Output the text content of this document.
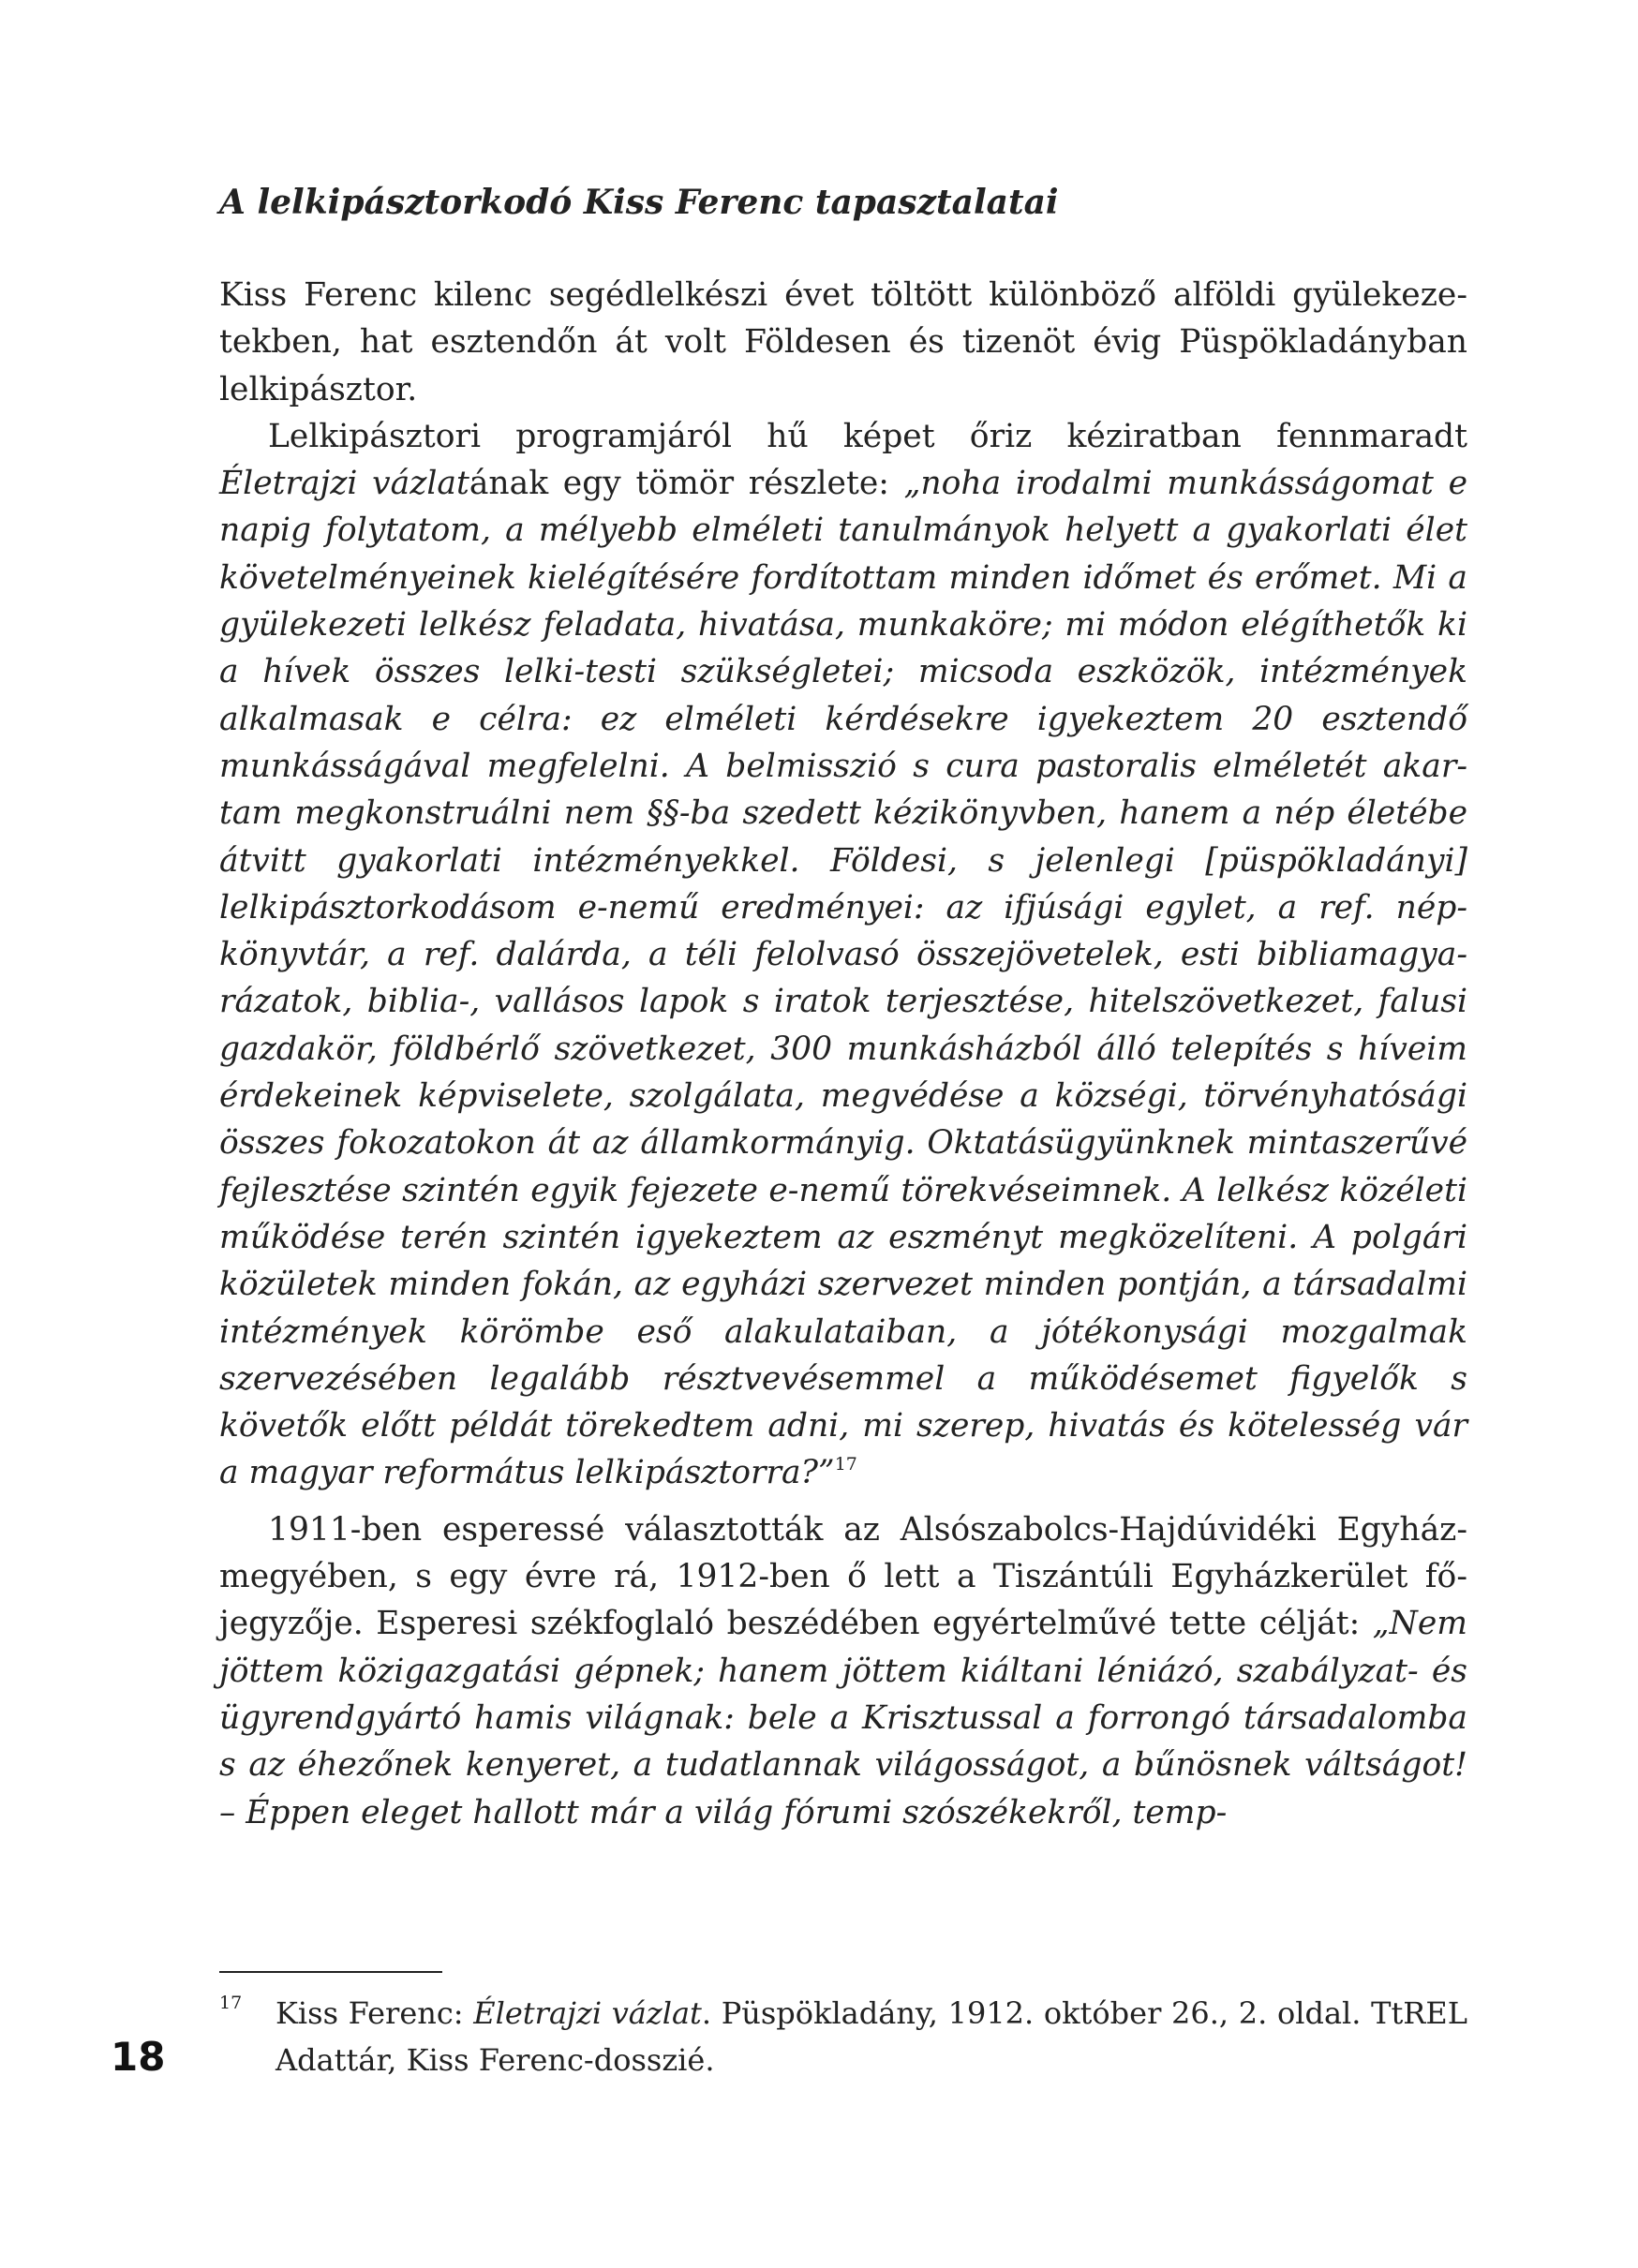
A lelkipásztorkodó Kiss Ferenc tapasztalatai

Kiss Ferenc kilenc segédlelkészi évet töltött különböző alföldi gyülekezetekben, hat esztendőn át volt Földesen és tizenöt évig Püspökladányban lelkipásztor.

Lelkipásztori programjáról hű képet őriz kéziratban fennmaradt Életrajzi vázlatának egy tömör részlete: „noha irodalmi munkásságomat e napig folytatom, a mélyebb elméleti tanulmányok helyett a gyakorlati élet követelményeinek kielégítésére fordítottam minden időmet és erőmet. Mi a gyülekezeti lelkész feladata, hivatása, munkaköre; mi módon elégíthetők ki a hívek összes lelki-testi szükségletei; micsoda eszközök, intézmények alkalmasak e célra: ez elméleti kérdésekre igyekeztem 20 esztendő munkásságával megfelelni. A belmisszió s cura pastoralis elméletét akartam megkonstruálni nem §§-ba szedett kézikönyvben, hanem a nép életébe átvitt gyakorlati intézményekkel. Földesi, s jelenlegi [püspökladányi] lelkipásztorkodásom e-nemű eredményei: az ifjúsági egylet, a ref. népkönyvtár, a ref. dalárda, a téli felolvasó összejövetelek, esti bibliamagyarázatok, biblia-, vallásos lapok s iratok terjesztése, hitelszövetkezet, falusi gazdakör, földbérlő szövetkezet, 300 munkásházból álló telepítés s híveim érdekeinek képviselete, szolgálata, megvédése a községi, törvényhatósági összes fokozatokon át az államkormányig. Oktatásügyünknek mintaszerűvé fejlesztése szintén egyik fejezete e-nemű törekvéseimnek. A lelkész közéleti működése terén szintén igyekeztem az eszményt megközelíteni. A polgári közületek minden fokán, az egyházi szervezet minden pontján, a társadalmi intézmények körömbe eső alakulataiban, a jótékonysági mozgalmak szervezésében legalább résztvevésemmel a működésemet figyelők s követők előtt példát törekedtem adni, mi szerep, hivatás és kötelesség vár a magyar református lelkipásztorra?”$^{17}$

1911-ben esperessé választották az Alsószabolcs-Hajdúvidéki Egyházmegyében, s egy évre rá, 1912-ben ő lett a Tiszántúli Egyházkerület főjegyzője. Esperesi székfoglaló beszédében egyértelművé tette célját: „Nem jöttem közigazgatási gépnek; hanem jöttem kiáltani léniázó, szabályzat- és ügyrendgyártó hamis világnak: bele a Krisztussal a forrongó társadalomba s az éhezőnek kenyeret, a tudatlannak világosságot, a bűnösnek váltságot! – Éppen eleget hallott már a világ fórumi szószékekről, temp-

17 Kiss Ferenc: Életrajzi vázlat. Püspökladány, 1912. október 26., 2. oldal. TtREL Adattár, Kiss Ferenc-dosszié.
18
